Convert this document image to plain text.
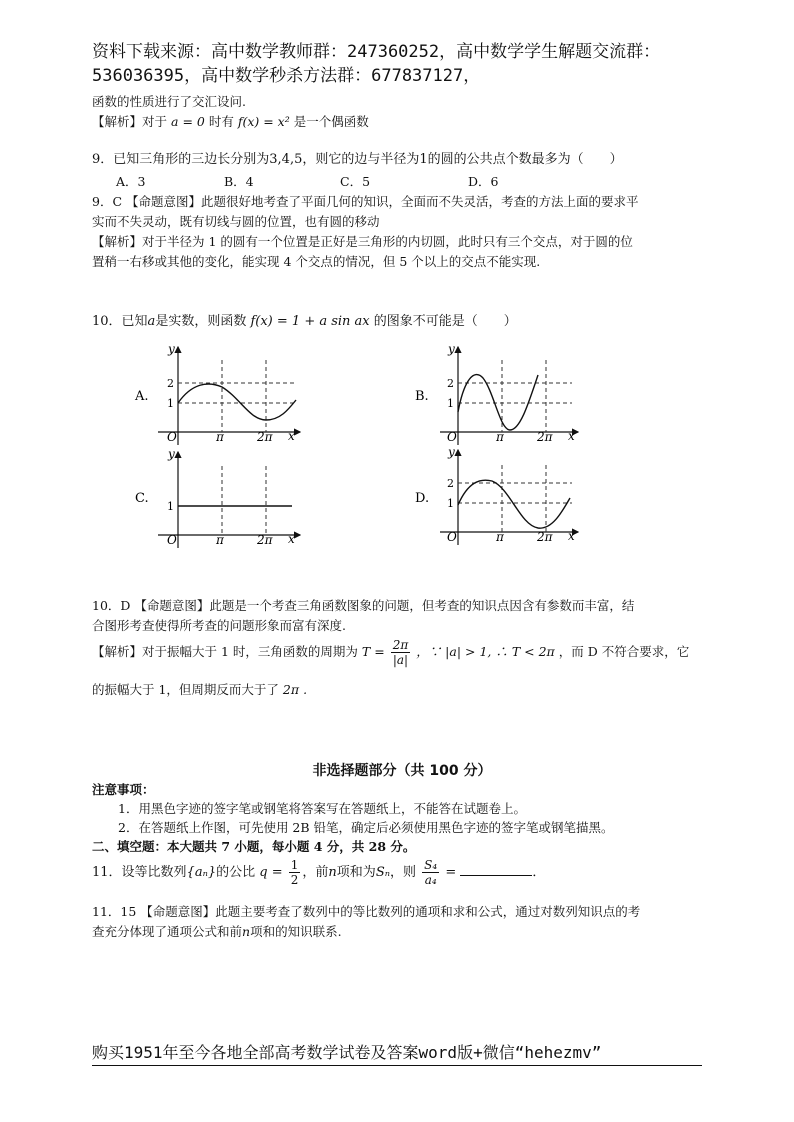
资料下载来源：高中数学教师群：247360252，高中数学学生解题交流群：
536036395，高中数学秒杀方法群：677837127，
函数的性质进行了交汇设问.
【解析】对于 a = 0 时有 f(x) = x² 是一个偶函数
9．已知三角形的三边长分别为3,4,5，则它的边与半径为1的圆的公共点个数最多为（　　）
A．3	B．4	C．5	D．6
9．C 【命题意图】此题很好地考查了平面几何的知识，全面而不失灵活，考查的方法上面的要求平
实而不失灵动，既有切线与圆的位置，也有圆的移动
【解析】对于半径为 1 的圆有一个位置是正好是三角形的内切圆，此时只有三个交点，对于圆的位
置稍一右移或其他的变化，能实现 4 个交点的情况，但 5 个以上的交点不能实现.
10．已知a是实数，则函数 f(x) = 1 + a sin ax 的图象不可能是（　　）
A.
y
x
O
2
1
π	2π
B.
y
x
O
2
1
π	2π
C.
y
x
O
1
π	2π
D.
y
x
O
2
1
π	2π
10．D 【命题意图】此题是一个考查三角函数图象的问题，但考查的知识点因含有参数而丰富，结
合图形考查使得所考查的问题形象而富有深度.
【解析】对于振幅大于 1 时，三角函数的周期为 $T = \frac{2\pi}{|a|}$ ，∵ |a| > 1, ∴ T < 2π ，而 D 不符合要求，它
的振幅大于 1，但周期反而大于了 2π .
非选择题部分（共 100 分）
注意事项：
1．用黑色字迹的签字笔或钢笔将答案写在答题纸上，不能答在试题卷上。
2．在答题纸上作图，可先使用 2B 铅笔，确定后必须使用黑色字迹的签字笔或钢笔描黑。
二、填空题：本大题共 7 小题，每小题 4 分，共 28 分。
11．设等比数列{aₙ}的公比 $q = \frac{1}{2}$ ，前n项和为Sₙ，则 $\frac{\text{S₄}}{\text{a₄}}$ =	．
11．15 【命题意图】此题主要考查了数列中的等比数列的通项和求和公式，通过对数列知识点的考
查充分体现了通项公式和前n项和的知识联系.
购买1951年至今各地全部高考数学试卷及答案word版+微信“hehezmv”
